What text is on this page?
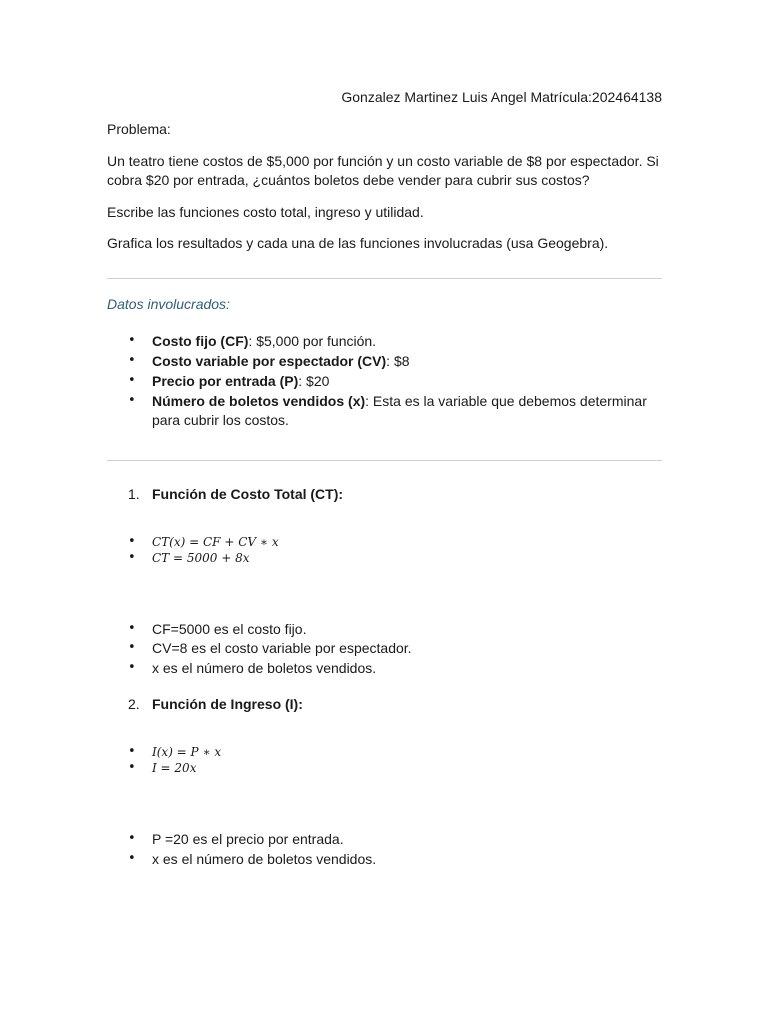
Gonzalez Martinez Luis Angel Matrícula:202464138

Problema:

Un teatro tiene costos de $5,000 por función y un costo variable de $8 por espectador. Si cobra $20 por entrada, ¿cuántos boletos debe vender para cubrir sus costos?

Escribe las funciones costo total, ingreso y utilidad.

Grafica los resultados y cada una de las funciones involucradas (usa Geogebra).

Datos involucrados:

• Costo fijo (CF): $5,000 por función.
• Costo variable por espectador (CV): $8
• Precio por entrada (P): $20
• Número de boletos vendidos (x): Esta es la variable que debemos determinar para cubrir los costos.

1. Función de Costo Total (CT):

• CT(x) = CF + CV ∗ x
• CT = 5000 + 8x
• CF=5000 es el costo fijo.
• CV=8 es el costo variable por espectador.
• x es el número de boletos vendidos.

2. Función de Ingreso (I):

• I(x) = P ∗ x
• I = 20x
• P =20 es el precio por entrada.
• x es el número de boletos vendidos.
